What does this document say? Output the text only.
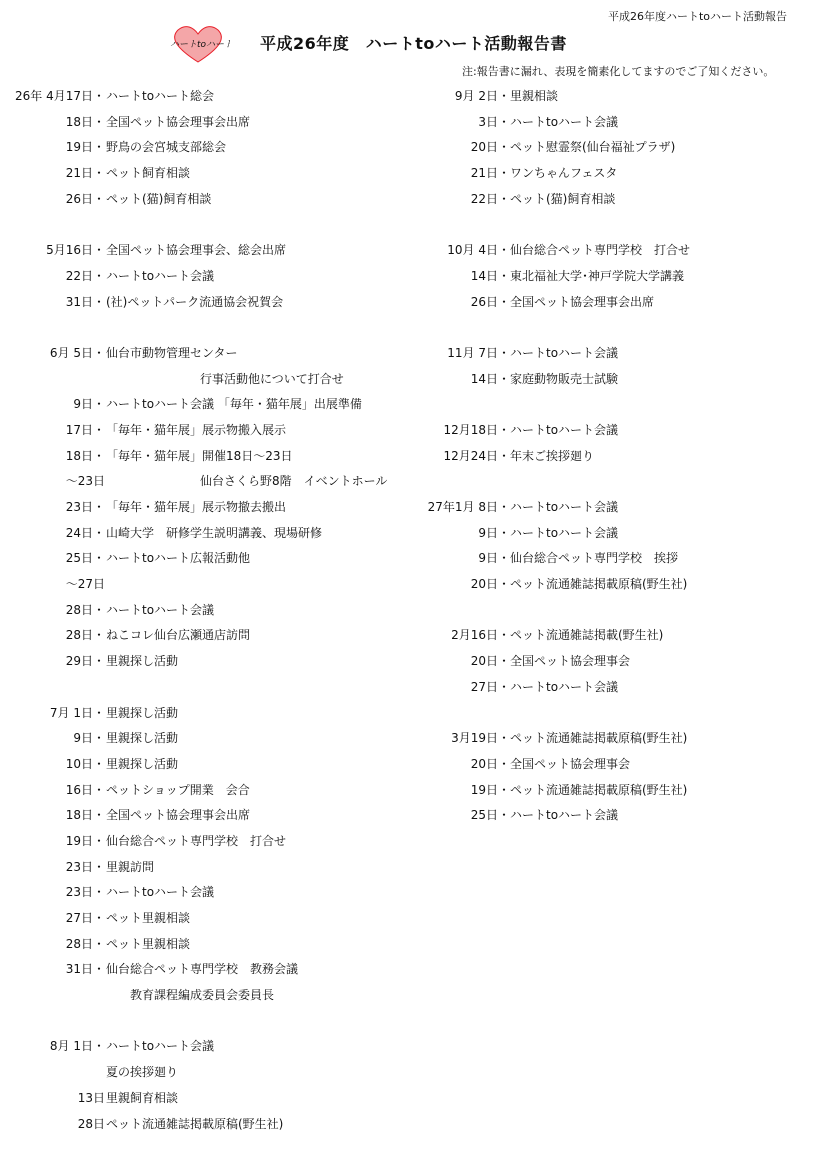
平成26年度ハートtoハート活動報告
ハートtoハート 平成26年度　ハートtoハート活動報告書
注:報告書に漏れ、表現を簡素化してますのでご了知ください。
26年 4月17日・ ハートtoハート総会
18日・ 全国ペット協会理事会出席
19日・ 野鳥の会宮城支部総会
21日・ ペット飼育相談
26日・ ペット(猫)飼育相談
5月16日・ 全国ペット協会理事会、総会出席
22日・ ハートtoハート会議
31日・ (社)ペットパーク流通協会祝賀会
6月 5日・ 仙台市動物管理センター
行事活動他について打合せ
9日・ ハートtoハート会議 「毎年・猫年展」出展準備
17日・ 「毎年・猫年展」展示物搬入展示
18日・ 「毎年・猫年展」開催18日～23日
～23日	仙台さくら野8階　イベントホール
23日・ 「毎年・猫年展」展示物撤去搬出
24日・ 山崎大学　研修学生説明講義、現場研修
25日・ ハートtoハート広報活動他
～27日
28日・ ハートtoハート会議
28日・ ねこコレ仙台広瀬通店訪問
29日・ 里親探し活動
7月 1日・ 里親探し活動
9日・ 里親探し活動
10日・ 里親探し活動
16日・ ペットショップ開業　会合
18日・ 全国ペット協会理事会出席
19日・ 仙台総合ペット専門学校　打合せ
23日・ 里親訪問
23日・ ハートtoハート会議
27日・ ペット里親相談
28日・ ペット里親相談
31日・ 仙台総合ペット専門学校　教務会議
教育課程編成委員会委員長
8月 1日・ ハートtoハート会議
夏の挨拶廻り
13日 里親飼育相談
28日 ペット流通雑誌掲載原稿(野生社)
9月 2日・ 里親相談
3日・ ハートtoハート会議
20日・ ペット慰霊祭(仙台福祉プラザ)
21日・ ワンちゃんフェスタ
22日・ ペット(猫)飼育相談
10月 4日・ 仙台総合ペット専門学校　打合せ
14日・ 東北福祉大学･神戸学院大学講義
26日・ 全国ペット協会理事会出席
11月 7日・ ハートtoハート会議
14日・ 家庭動物販売士試験
12月18日・ ハートtoハート会議
12月24日・ 年末ご挨拶廻り
27年1月 8日・ ハートtoハート会議
9日・ ハートtoハート会議
9日・ 仙台総合ペット専門学校　挨拶
20日・ ペット流通雑誌掲載原稿(野生社)
2月16日・ ペット流通雑誌掲載(野生社)
20日・ 全国ペット協会理事会
27日・ ハートtoハート会議
3月19日・ ペット流通雑誌掲載原稿(野生社)
20日・ 全国ペット協会理事会
19日・ ペット流通雑誌掲載原稿(野生社)
25日・ ハートtoハート会議
